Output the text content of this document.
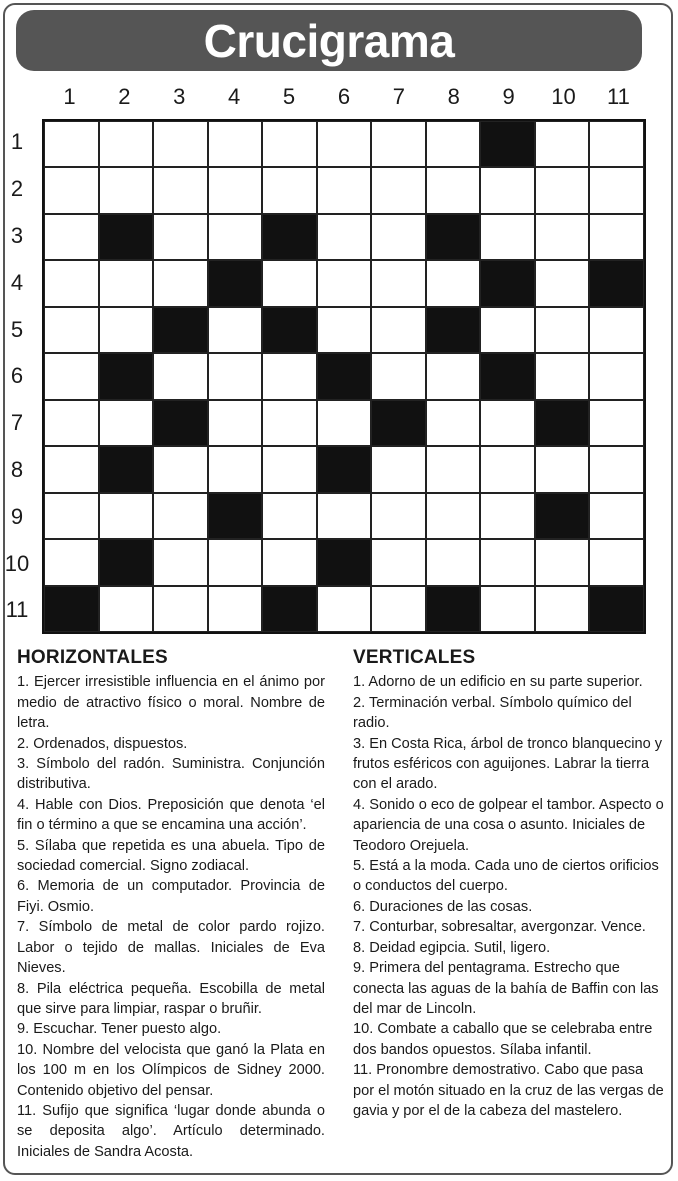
Crucigrama
1	2	3	4	5	6	7	8	9	10	11
1
2
3
4
5
6
7
8
9
10
11
HORIZONTALES

1. Ejercer irresistible influencia en el ánimo por medio de atractivo físico o moral. Nombre de letra.

2. Ordenados, dispuestos.

3. Símbolo del radón. Suministra. Conjunción distributiva.

4. Hable con Dios. Preposición que denota ‘el fin o término a que se encamina una acción’.

5. Sílaba que repetida es una abuela. Tipo de sociedad comercial. Signo zodiacal.

6. Memoria de un computador. Provincia de Fiyi. Osmio.

7. Símbolo de metal de color pardo rojizo. Labor o tejido de mallas. Iniciales de Eva Nieves.

8. Pila eléctrica pequeña. Escobilla de metal que sirve para limpiar, raspar o bruñir.

9. Escuchar. Tener puesto algo.

10. Nombre del velocista que ganó la Plata en los 100 m en los Olímpicos de Sidney 2000. Contenido objetivo del pensar.

11. Sufijo que significa ‘lugar donde abunda o se deposita algo’. Artículo determinado. Iniciales de Sandra Acosta.

VERTICALES

1. Adorno de un edificio en su parte superior.

2. Terminación verbal. Símbolo químico del radio.

3. En Costa Rica, árbol de tronco blanquecino y frutos esféricos con aguijones. Labrar la tierra con el arado.

4. Sonido o eco de golpear el tambor. Aspecto o apariencia de una cosa o asunto. Iniciales de Teodoro Orejuela.

5. Está a la moda. Cada uno de ciertos orificios o conductos del cuerpo.

6. Duraciones de las cosas.

7. Conturbar, sobresaltar, avergonzar. Vence.

8. Deidad egipcia. Sutil, ligero.

9. Primera del pentagrama. Estrecho que conecta las aguas de la bahía de Baffin con las del mar de Lincoln.

10. Combate a caballo que se celebraba entre dos bandos opuestos. Sílaba infantil.

11. Pronombre demostrativo. Cabo que pasa por el motón situado en la cruz de las vergas de gavia y por el de la cabeza del mastelero.
